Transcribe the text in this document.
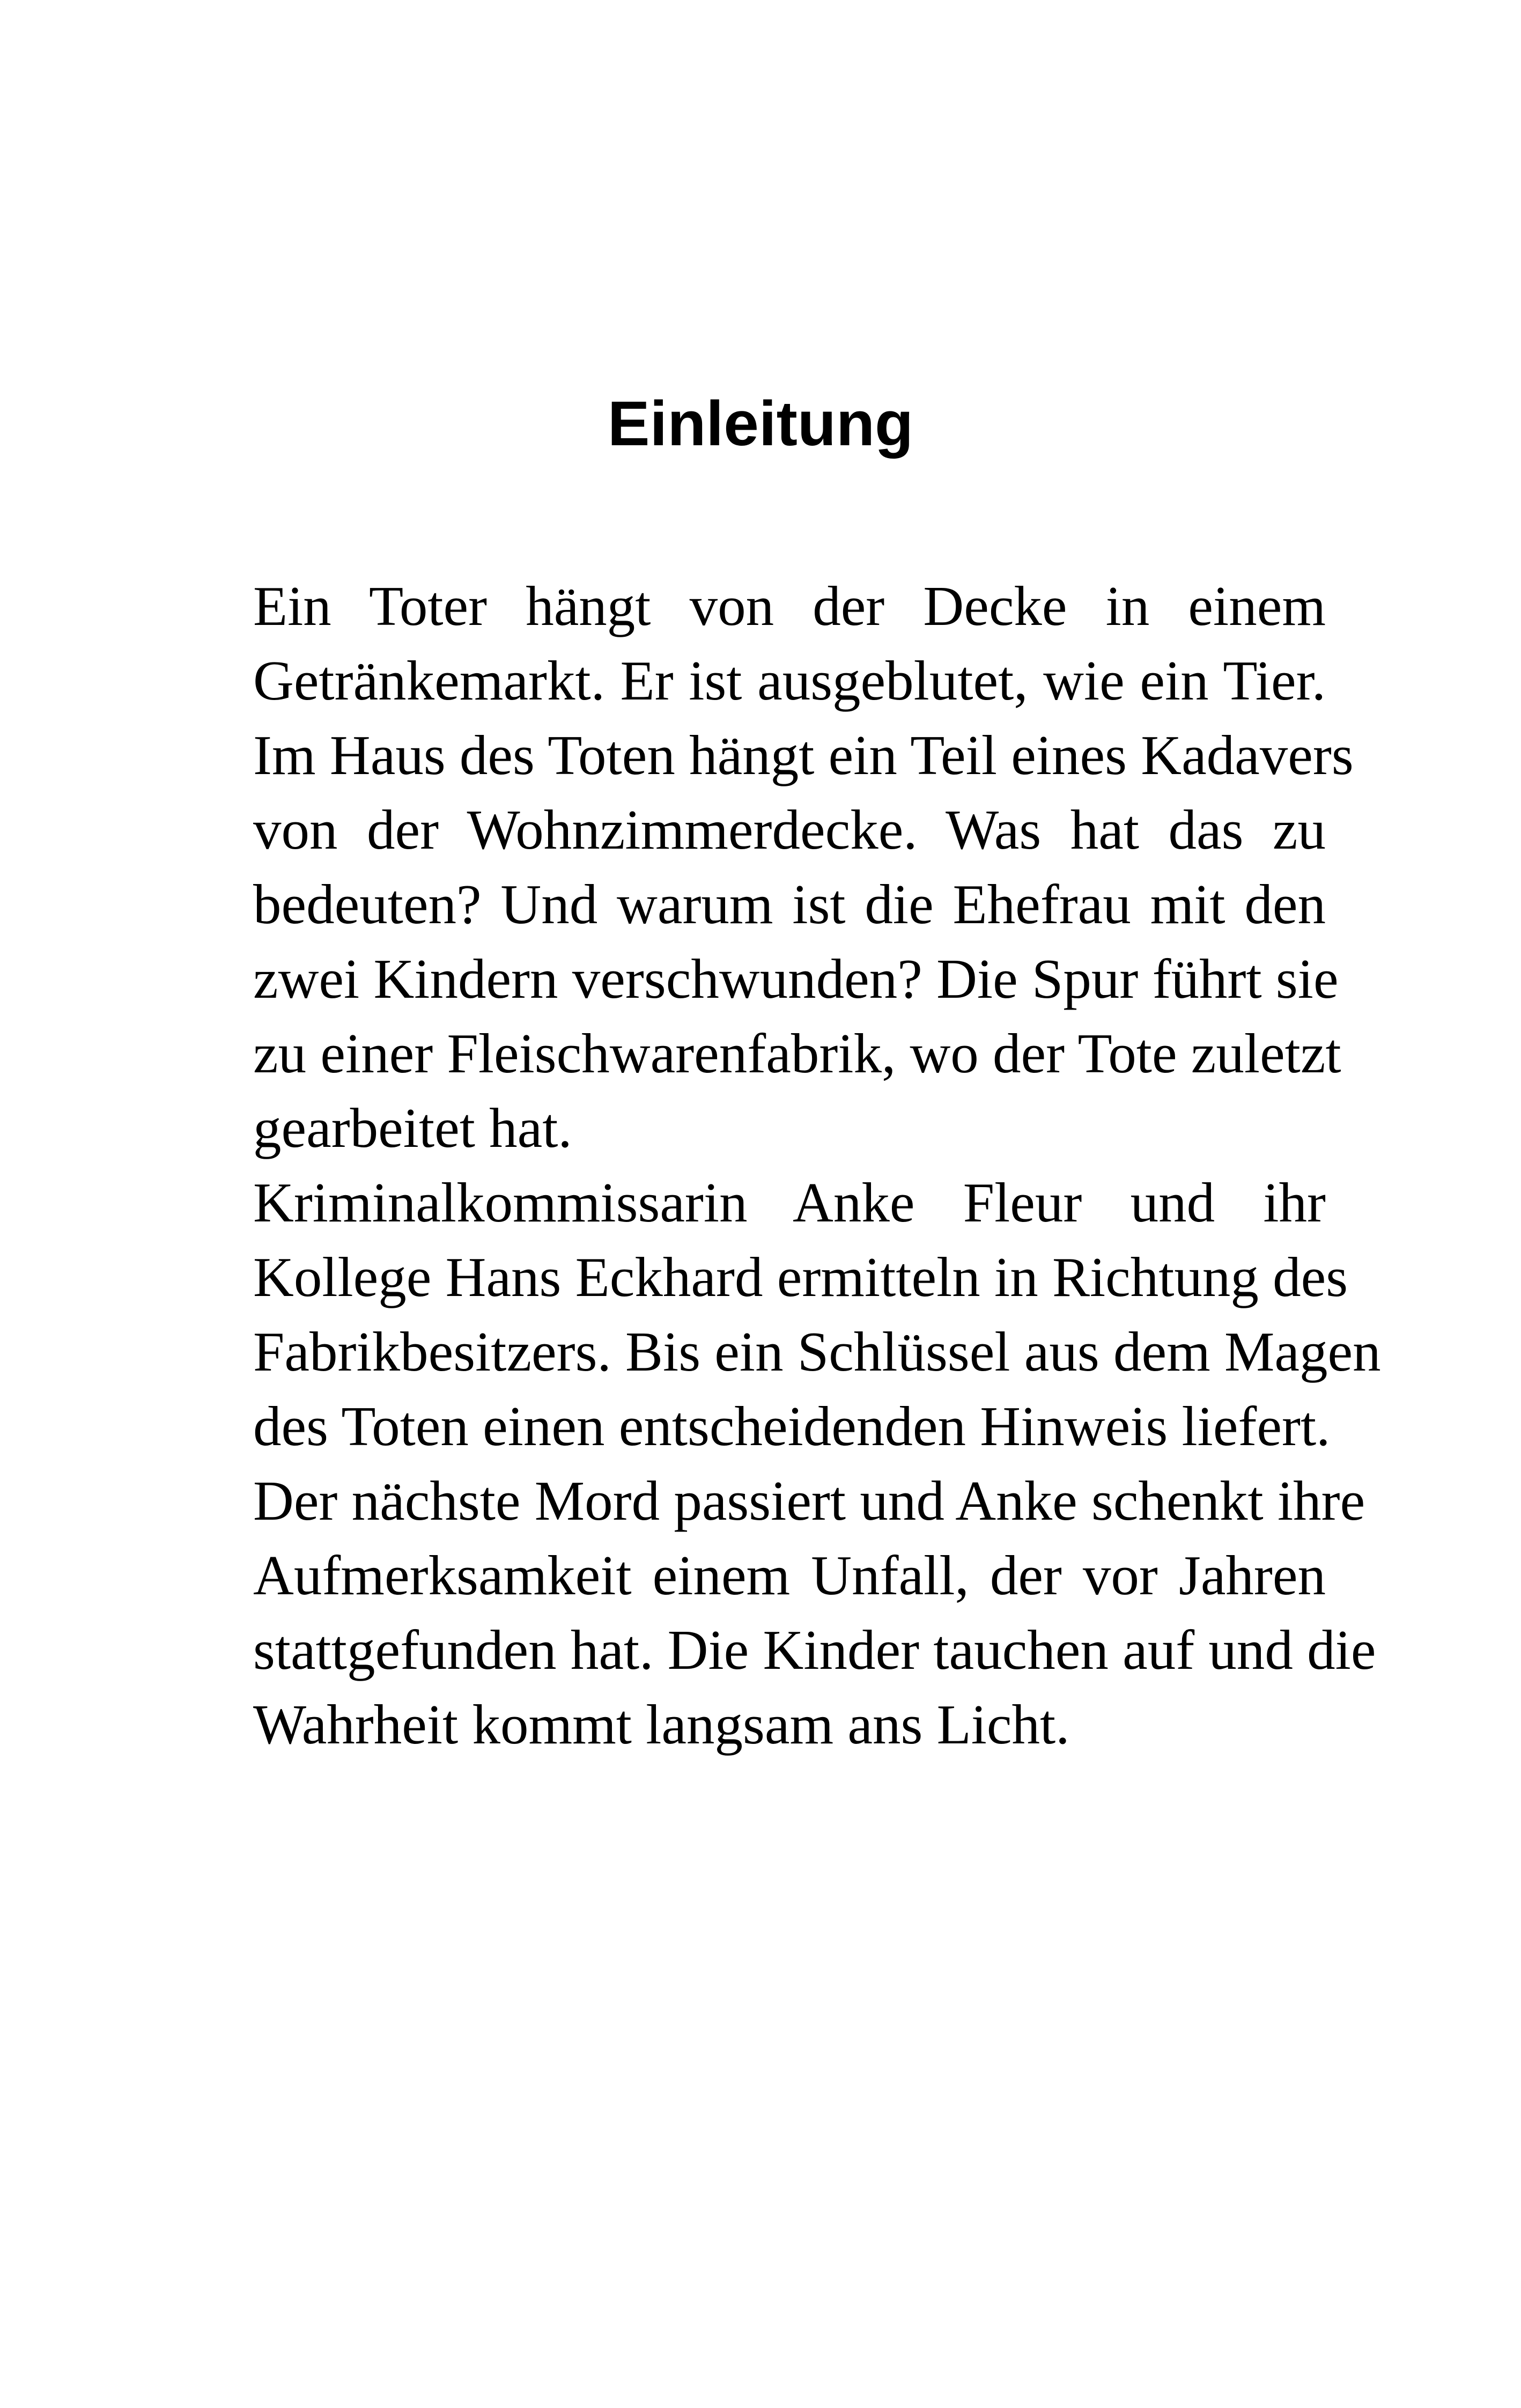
Einleitung

Ein Toter hängt von der Decke in einem
Getränkemarkt. Er ist ausgeblutet, wie ein Tier.
Im Haus des Toten hängt ein Teil eines Kadavers
von der Wohnzimmerdecke. Was hat das zu
bedeuten? Und warum ist die Ehefrau mit den
zwei Kindern verschwunden? Die Spur führt sie
zu einer Fleischwarenfabrik, wo der Tote zuletzt
gearbeitet hat.

Kriminalkommissarin Anke Fleur und ihr
Kollege Hans Eckhard ermitteln in Richtung des
Fabrikbesitzers. Bis ein Schlüssel aus dem Magen
des Toten einen entscheidenden Hinweis liefert.
Der nächste Mord passiert und Anke schenkt ihre
Aufmerksamkeit einem Unfall, der vor Jahren
stattgefunden hat. Die Kinder tauchen auf und die
Wahrheit kommt langsam ans Licht.
